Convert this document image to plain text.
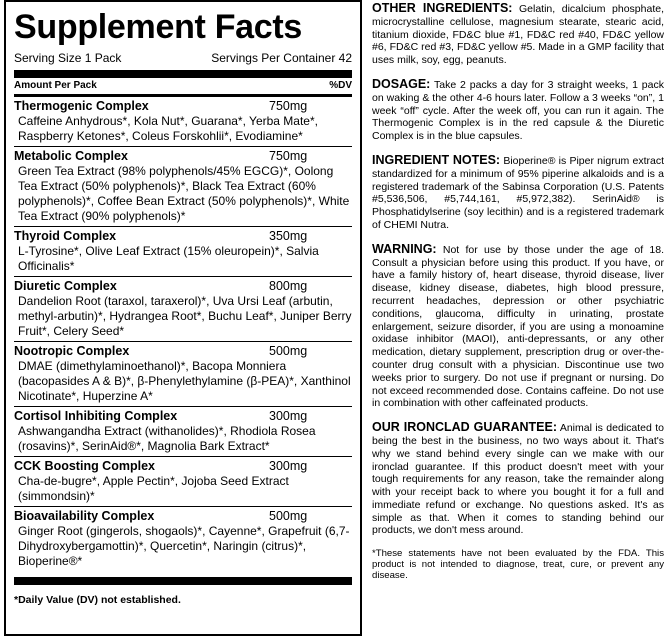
Supplement Facts
Serving Size 1 Pack	Servings Per Container 42
Amount Per Pack	%DV
Thermogenic Complex	750mg
Caffeine Anhydrous*, Kola Nut*, Guarana*, Yerba Mate*, Raspberry Ketones*, Coleus Forskohlii*, Evodiamine*
Metabolic Complex	750mg
Green Tea Extract (98% polyphenols/45% EGCG)*, Oolong Tea Extract (50% polyphenols)*, Black Tea Extract (60% polyphenols)*, Coffee Bean Extract (50% polyphenols)*, White Tea Extract (90% polyphenols)*
Thyroid Complex	350mg
L-Tyrosine*, Olive Leaf Extract (15% oleuropein)*, Salvia Officinalis*
Diuretic Complex	800mg
Dandelion Root (taraxol, taraxerol)*, Uva Ursi Leaf (arbutin, methyl-arbutin)*, Hydrangea Root*, Buchu Leaf*, Juniper Berry Fruit*, Celery Seed*
Nootropic Complex	500mg
DMAE (dimethylaminoethanol)*, Bacopa Monniera (bacopasides A & B)*, β-Phenylethylamine (β-PEA)*, Xanthinol Nicotinate*, Huperzine A*
Cortisol Inhibiting Complex	300mg
Ashwangandha Extract (withanolides)*, Rhodiola Rosea (rosavins)*, SerinAid®*, Magnolia Bark Extract*
CCK Boosting Complex	300mg
Cha-de-bugre*, Apple Pectin*, Jojoba Seed Extract (simmondsin)*
Bioavailability Complex	500mg
Ginger Root (gingerols, shogaols)*, Cayenne*, Grapefruit (6,7-Dihydroxybergamottin)*, Quercetin*, Naringin (citrus)*, Bioperine®*
*Daily Value (DV) not established.

OTHER INGREDIENTS: Gelatin, dicalcium phosphate, microcrystalline cellulose, magnesium stearate, stearic acid, titanium dioxide, FD&C blue #1, FD&C red #40, FD&C yellow #6, FD&C red #3, FD&C yellow #5. Made in a GMP facility that uses milk, soy, egg, peanuts.

DOSAGE: Take 2 packs a day for 3 straight weeks, 1 pack on waking & the other 4-6 hours later. Follow a 3 weeks “on”, 1 week “off” cycle. After the week off, you can run it again. The Thermogenic Complex is in the red capsule & the Diuretic Complex is in the blue capsules.

INGREDIENT NOTES: Bioperine® is Piper nigrum extract standardized for a minimum of 95% piperine alkaloids and is a registered trademark of the Sabinsa Corporation (U.S. Patents #5,536,506, #5,744,161, #5,972,382). SerinAid® is Phosphatidylserine (soy lecithin) and is a registered trademark of CHEMI Nutra.

WARNING: Not for use by those under the age of 18. Consult a physician before using this product. If you have, or have a family history of, heart disease, thyroid disease, liver disease, kidney disease, diabetes, high blood pressure, recurrent headaches, depression or other psychiatric conditions, glaucoma, difficulty in urinating, prostate enlargement, seizure disorder, if you are using a monoamine oxidase inhibitor (MAOI), anti-depressants, or any other medication, dietary supplement, prescription drug or over-the-counter drug consult with a physician. Discontinue use two weeks prior to surgery. Do not use if pregnant or nursing. Do not exceed recommended dose. Contains caffeine. Do not use in combination with other caffeinated products.

OUR IRONCLAD GUARANTEE: Animal is dedicated to being the best in the business, no two ways about it. That's why we stand behind every single can we make with our ironclad guarantee. If this product doesn't meet with your tough requirements for any reason, take the remainder along with your receipt back to where you bought it for a full and immediate refund or exchange. No questions asked. It's as simple as that. When it comes to standing behind our products, we don't mess around.

*These statements have not been evaluated by the FDA. This product is not intended to diagnose, treat, cure, or prevent any disease.
